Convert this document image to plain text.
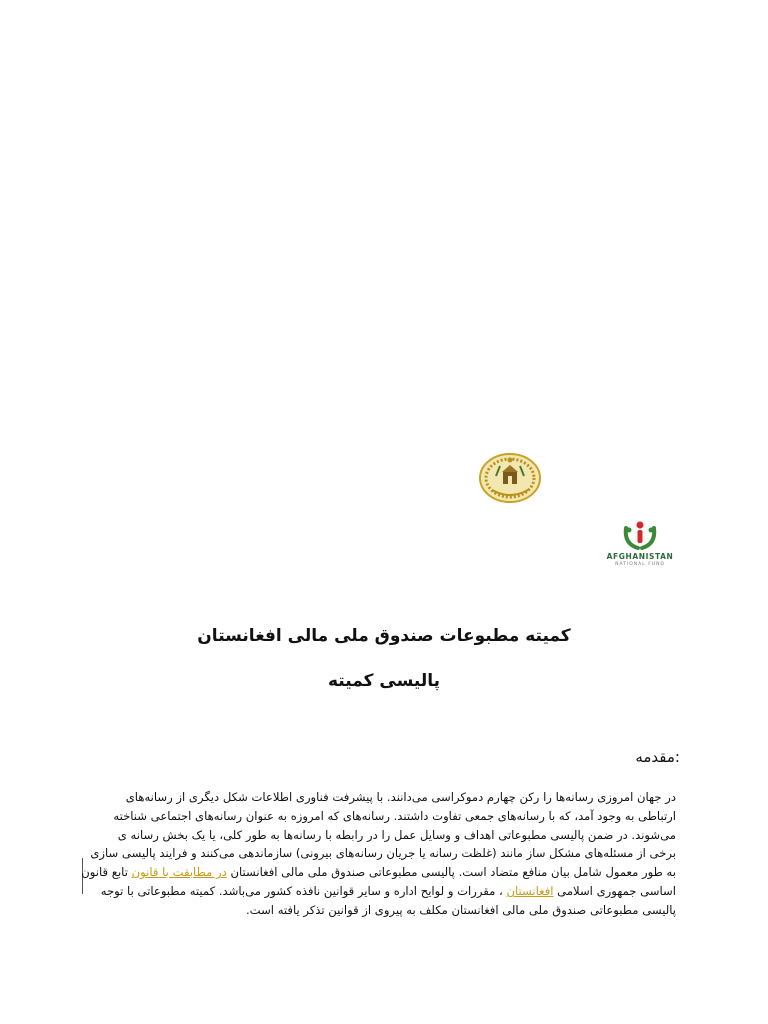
AFGHANISTAN
NATIONAL FUND
کمیته مطبوعات صندوق ملی مالی افغانستان
پالیسی کمیته
:مقدمه
در جهان امروزی رسانه‌ها را رکن چهارم دموکراسی می‌دانند. با پیشرفت فناوری اطلاعات شکل دیگری از رسانه‌های
ارتباطی به وجود آمد، که با رسانه‌های جمعی تفاوت داشتند. رسانه‌های که امروزه به عنوان رسانه‌های اجتماعی شناخته
می‌شوند. در ضمن پالیسی مطبوعاتی اهداف و وسایل عمل را در رابطه با رسانه‌ها به طور کلی، یا یک بخش رسانه ی
برخی از مسئله‌های مشکل ساز مانند (غلظت رسانه یا جریان رسانه‌های بیرونی) سازماندهی می‌کنند و فرایند پالیسی سازی
به طور معمول شامل بیان منافع متضاد است. پالیسی مطبوعاتی صندوق ملی مالی افغانستان در مطابقت با قانون تابع قانون
اساسی جمهوری اسلامی افغانستان ، مقررات و لوایح اداره و سایر قوانین نافذه کشور می‌باشد. کمیته مطبوعاتی با توجه
پالیسی مطبوعاتی صندوق ملی مالی افغانستان مکلف به پیروی از قوانین تذکر یافته است.
